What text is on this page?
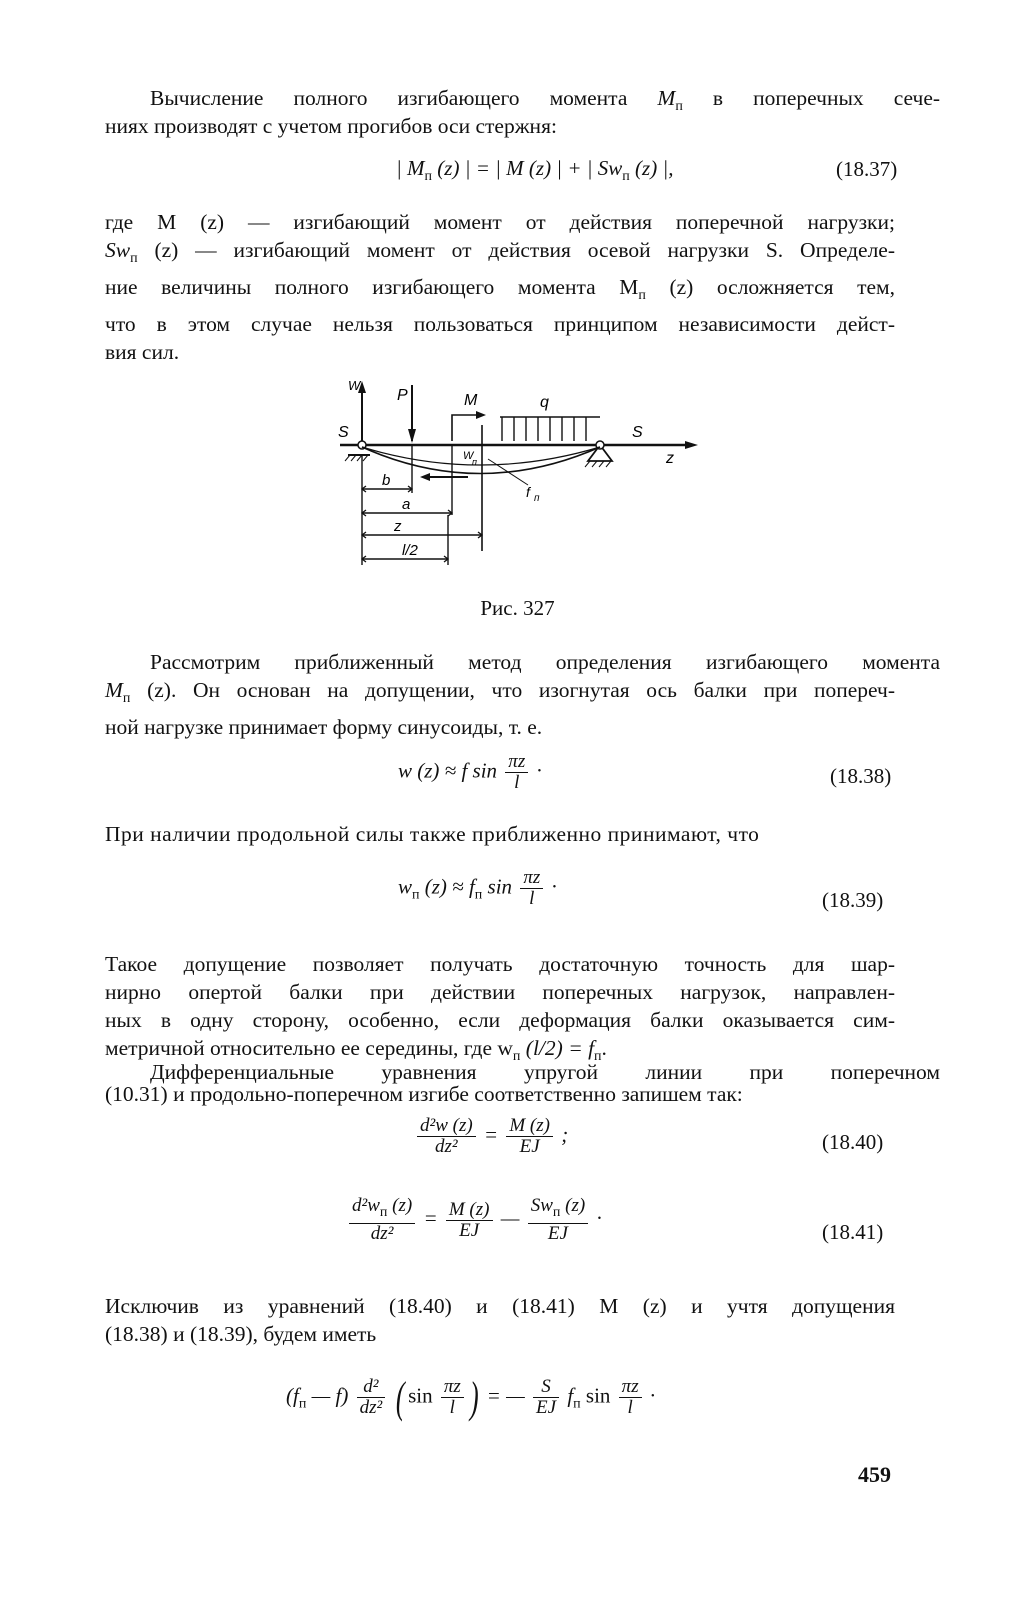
Вычисление полного изгибающего момента $M_п$ в поперечных сече-
ниях производят с учетом прогибов оси стержня:
| $M_п$ (z) | = | M (z) | + | $Sw_п$ (z) |,	(18.37)
где M (z) — изгибающий момент от действия поперечной нагрузки;
$Sw_п$ (z) — изгибающий момент от действия осевой нагрузки S. Определе-
ние величины полного изгибающего момента $M_п$ (z) осложняется тем,
что в этом случае нельзя пользоваться принципом независимости дейст-
вия сил.
W
S	S
z
P	M	q
W
п
f п
b
a
z
l/2
Рис. 327
Рассмотрим приближенный метод определения изгибающего момента
$M_п$ (z). Он основан на допущении, что изогнутая ось балки при попереч-
ной нагрузке принимает форму синусоиды, т. е.
w (z) ≈ f $\sin \frac{\pi z}{l}$ ·	(18.38)
При наличии продольной силы также приближенно принимают, что
$w_п$ $(z) \approx f_п$ $\sin \frac{\pi z}{l}$ ·
(18.39)
Такое допущение позволяет получать достаточную точность для шар-
нирно опертой балки при действии поперечных нагрузок, направлен-
ных в одну сторону, особенно, если деформация балки оказывается сим-
метричной относительно ее середины, где $w_п$ $(l/2) = f_п$.
Дифференциальные уравнения упругой линии при поперечном
(10.31) и продольно-поперечном изгибе соответственно запишем так:
$\frac{\text{d²w (z)}}{\text{dz²}} = \frac{M (z)}{EJ}$ ;	(18.40)
$\frac{d^2w_п (z)}{\text{dz²}} = \frac{M (z)}{EJ}$ — $\frac{Sw_п (z)}{EJ}$ ·
(18.41)
Исключив из уравнений (18.40) и (18.41) M (z) и учтя допущения
(18.38) и (18.39), будем иметь
($f_п$ — $f) \frac{\text{d²}}{\text{dz²}}$ ( $\sin \frac{\pi z}{l}$ ) = — $\frac{S}{EJ} f_п$ $\sin \frac{\pi z}{l}$ ·
459
